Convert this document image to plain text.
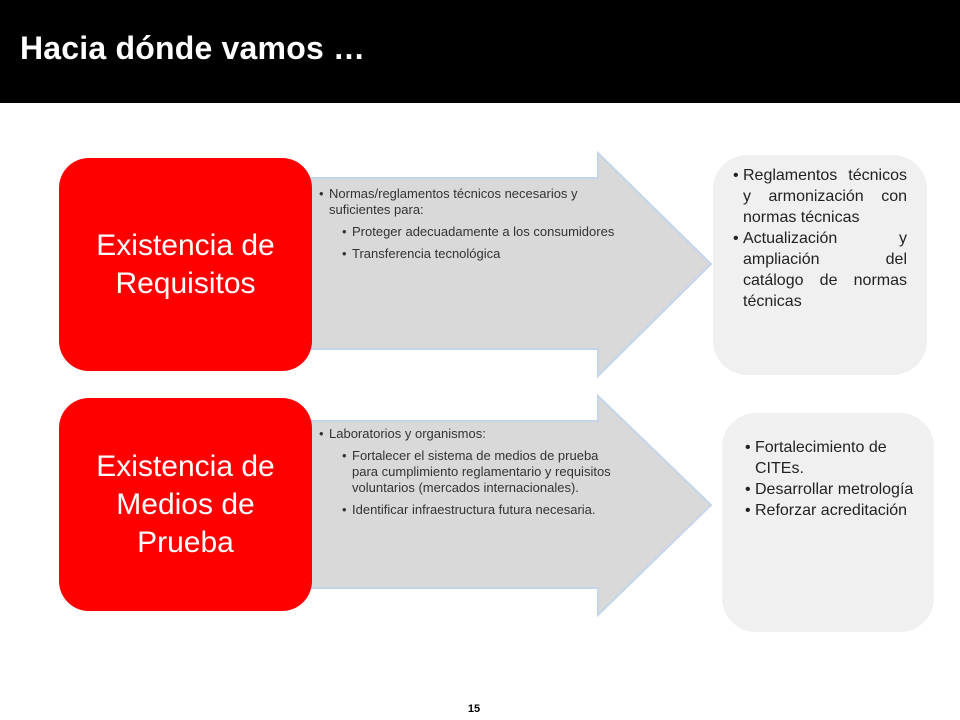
Hacia dónde vamos …
Existencia de Requisitos
• Normas/reglamentos técnicos necesarios y suficientes para:
• Proteger adecuadamente a los consumidores
• Transferencia tecnológica
• Reglamentos técnicos y armonización con normas técnicas
• Actualización y ampliación del catálogo de normas técnicas
Existencia de Medios de Prueba
• Laboratorios y organismos:
• Fortalecer el sistema de medios de prueba para cumplimiento reglamentario y requisitos voluntarios (mercados internacionales).
• Identificar infraestructura futura necesaria.
• Fortalecimiento de CITEs.
• Desarrollar metrología
• Reforzar acreditación
15
